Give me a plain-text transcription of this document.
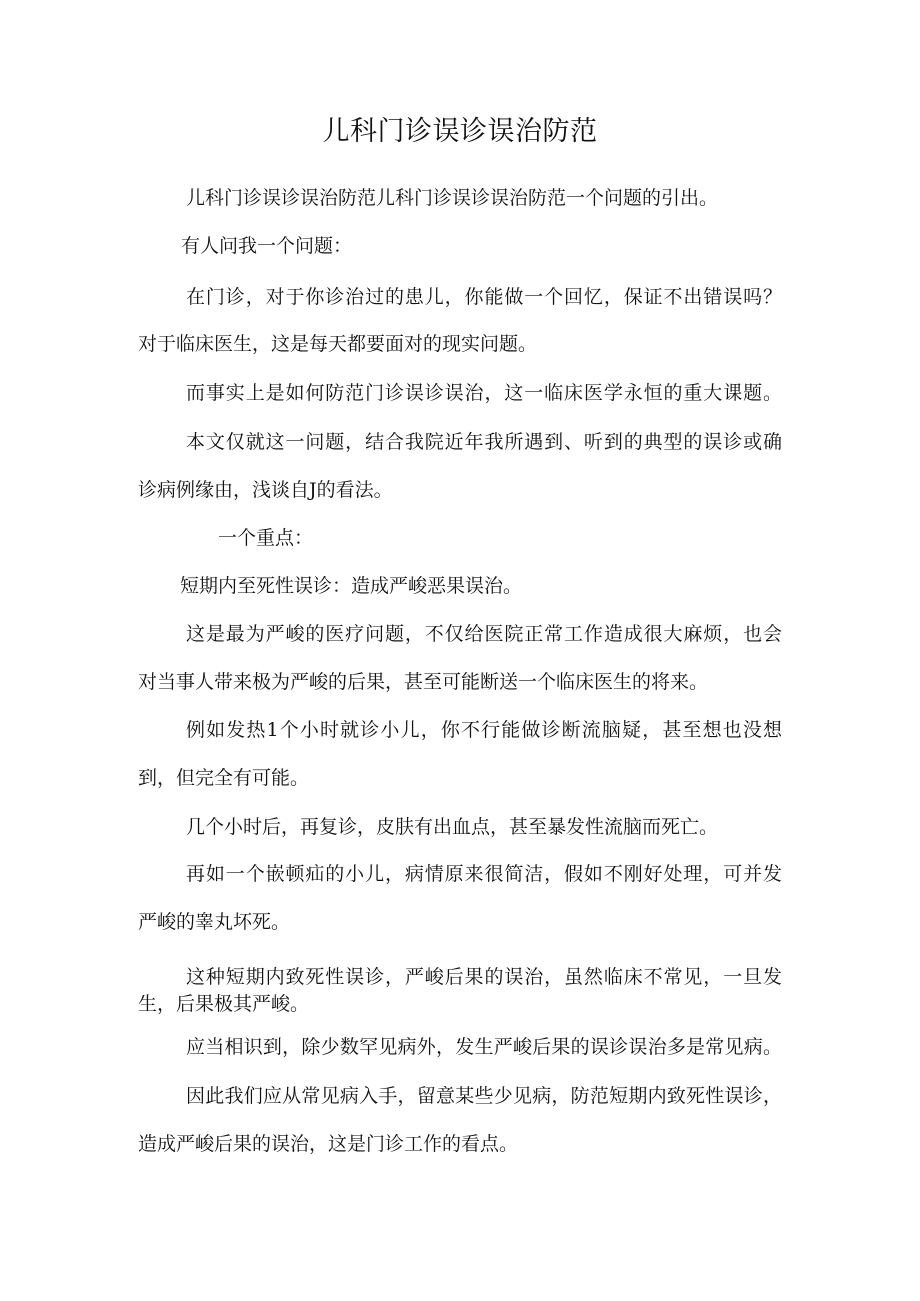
儿科门诊误诊误治防范
儿科门诊误诊误治防范儿科门诊误诊误治防范一个问题的引出。
有人问我一个问题：
在门诊，对于你诊治过的患儿，你能做一个回忆，保证不出错误吗？
对于临床医生，这是每天都要面对的现实问题。
而事实上是如何防范门诊误诊误治，这一临床医学永恒的重大课题。
本文仅就这一问题，结合我院近年我所遇到、听到的典型的误诊或确
诊病例缘由，浅谈自J的看法。
一个重点：
短期内至死性误诊：造成严峻恶果误治。
这是最为严峻的医疗问题，不仅给医院正常工作造成很大麻烦，也会
对当事人带来极为严峻的后果，甚至可能断送一个临床医生的将来。
例如发热1个小时就诊小儿，你不行能做诊断流脑疑，甚至想也没想
到，但完全有可能。
几个小时后，再复诊，皮肤有出血点，甚至暴发性流脑而死亡。
再如一个嵌顿疝的小儿，病情原来很简洁，假如不刚好处理，可并发
严峻的睾丸坏死。
这种短期内致死性误诊，严峻后果的误治，虽然临床不常见，一旦发
生，后果极其严峻。
应当相识到，除少数罕见病外，发生严峻后果的误诊误治多是常见病。
因此我们应从常见病入手，留意某些少见病，防范短期内致死性误诊，
造成严峻后果的误治，这是门诊工作的看点。
